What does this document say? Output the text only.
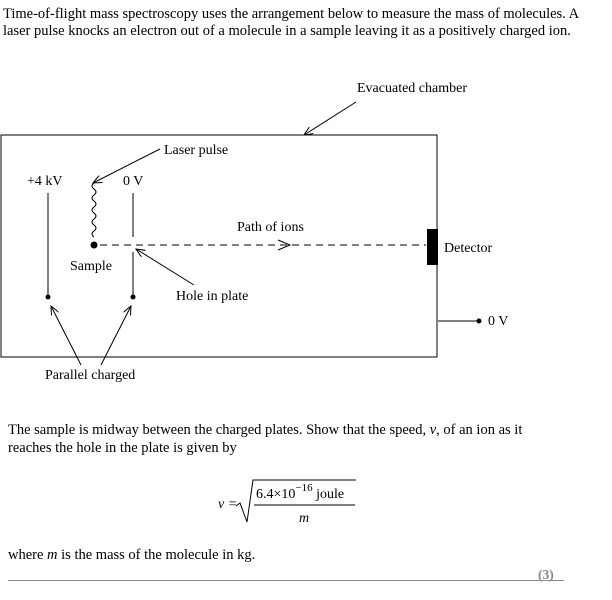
Time-of-flight mass spectroscopy uses the arrangement below to measure the mass of molecules. A laser pulse knocks an electron out of a molecule in a sample leaving it as a positively charged ion.

Evacuated chamber
Laser pulse
+4 kV	0 V
Sample
Path of ions
Hole in plate
Detector
0 V
Parallel charged

The sample is midway between the charged plates. Show that the speed, v, of an ion as it reaches the hole in the plate is given by

v =
$6.4\times 10^{-16}$ joule
m

where m is the mass of the molecule in kg.

(3)
